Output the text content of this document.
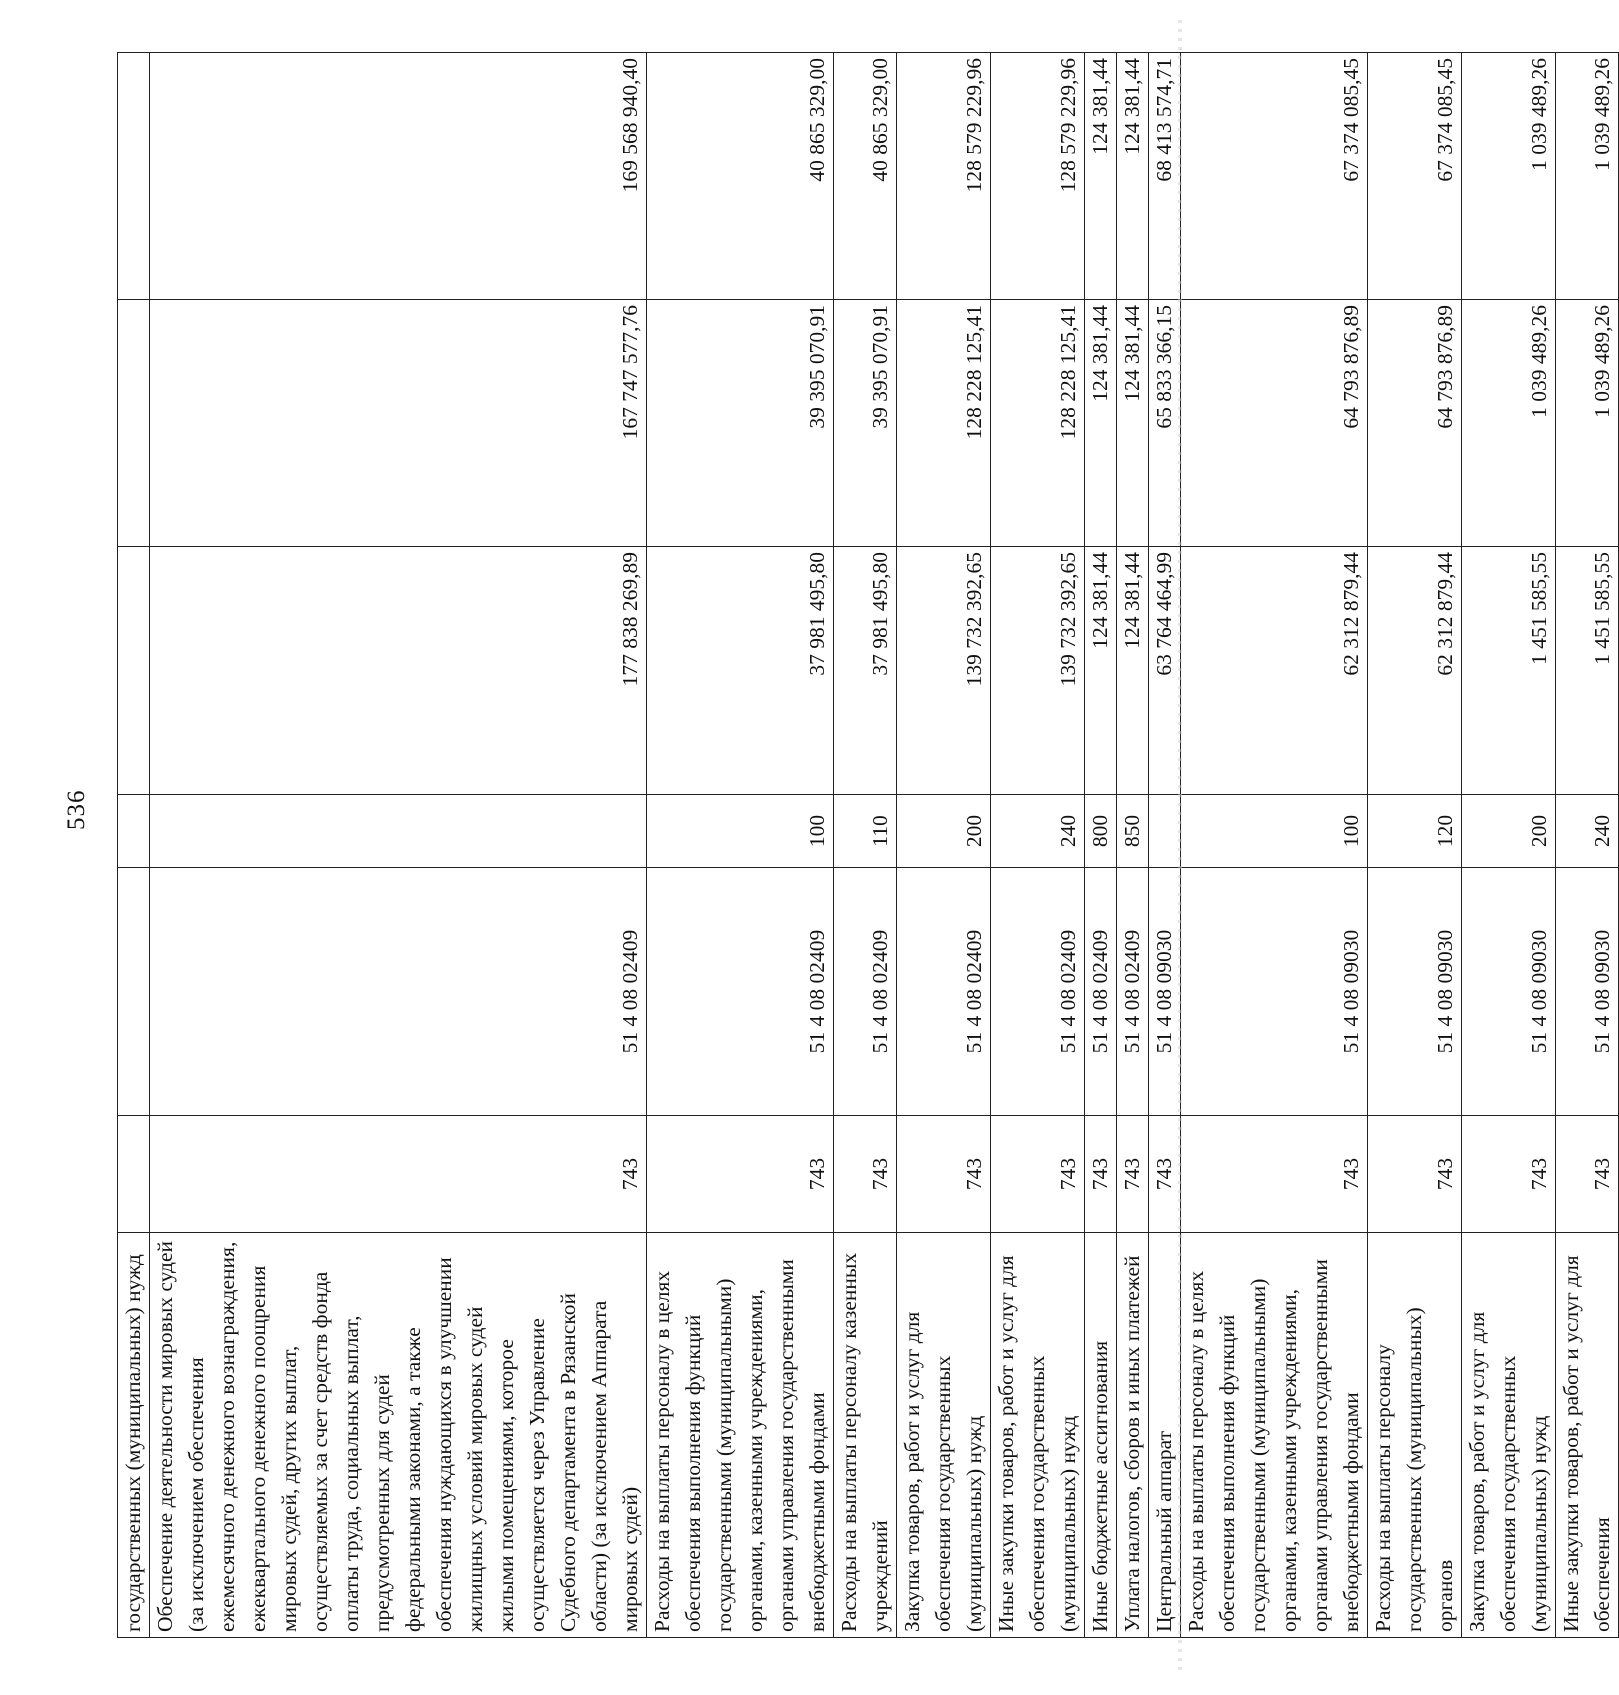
536
государственных (муниципальных) нужд						
Обеспечение деятельности мировых судей (за исключением обеспечения ежемесячного денежного вознаграждения, ежеквартального денежного поощрения мировых судей, других выплат, осуществляемых за счет средств фонда оплаты труда, социальных выплат, предусмотренных для судей федеральными законами, а также обеспечения нуждающихся в улучшении жилищных условий мировых судей жилыми помещениями, которое осуществляется через Управление Судебного департамента в Рязанской области) (за исключением Аппарата мировых судей)	743	51 4 08 02409		177 838 269,89	167 747 577,76	169 568 940,40
Расходы на выплаты персоналу в целях обеспечения выполнения функций государственными (муниципальными) органами, казенными учреждениями, органами управления государственными внебюджетными фондами	743	51 4 08 02409	100	37 981 495,80	39 395 070,91	40 865 329,00
Расходы на выплаты персоналу казенных учреждений	743	51 4 08 02409	110	37 981 495,80	39 395 070,91	40 865 329,00
Закупка товаров, работ и услуг для обеспечения государственных (муниципальных) нужд	743	51 4 08 02409	200	139 732 392,65	128 228 125,41	128 579 229,96
Иные закупки товаров, работ и услуг для обеспечения государственных (муниципальных) нужд	743	51 4 08 02409	240	139 732 392,65	128 228 125,41	128 579 229,96
Иные бюджетные ассигнования	743	51 4 08 02409	800	124 381,44	124 381,44	124 381,44
Уплата налогов, сборов и иных платежей	743	51 4 08 02409	850	124 381,44	124 381,44	124 381,44
Центральный аппарат	743	51 4 08 09030		63 764 464,99	65 833 366,15	68 413 574,71
Расходы на выплаты персоналу в целях обеспечения выполнения функций государственными (муниципальными) органами, казенными учреждениями, органами управления государственными внебюджетными фондами	743	51 4 08 09030	100	62 312 879,44	64 793 876,89	67 374 085,45
Расходы на выплаты персоналу государственных (муниципальных) органов	743	51 4 08 09030	120	62 312 879,44	64 793 876,89	67 374 085,45
Закупка товаров, работ и услуг для обеспечения государственных (муниципальных) нужд	743	51 4 08 09030	200	1 451 585,55	1 039 489,26	1 039 489,26
Иные закупки товаров, работ и услуг для обеспечения	743	51 4 08 09030	240	1 451 585,55	1 039 489,26	1 039 489,26
